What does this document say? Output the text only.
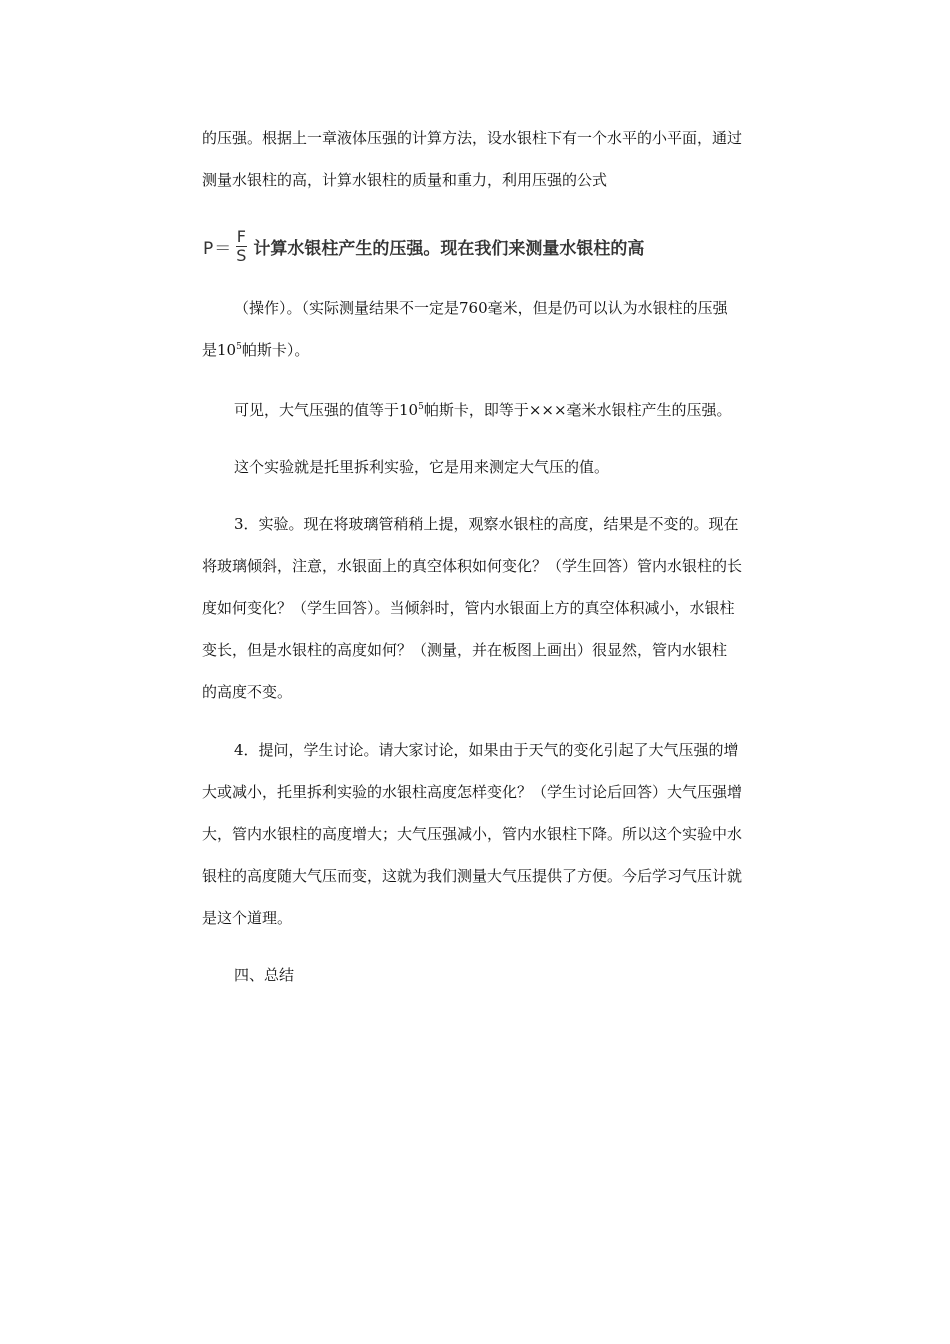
的压强。根据上一章液体压强的计算方法，设水银柱下有一个水平的小平面，通过
测量水银柱的高，计算水银柱的质量和重力，利用压强的公式
$P= \frac{F}{S}$ 计算水银柱产生的压强。现在我们来测量水银柱的高
（操作）。（实际测量结果不一定是760毫米，但是仍可以认为水银柱的压强
是$10^5$帕斯卡）。
可见，大气压强的值等于$10^5$帕斯卡，即等于×××毫米水银柱产生的压强。
这个实验就是托里拆利实验，它是用来测定大气压的值。
3．实验。现在将玻璃管稍稍上提，观察水银柱的高度，结果是不变的。现在
将玻璃倾斜，注意，水银面上的真空体积如何变化？（学生回答）管内水银柱的长
度如何变化？（学生回答）。当倾斜时，管内水银面上方的真空体积减小，水银柱
变长，但是水银柱的高度如何？（测量，并在板图上画出）很显然，管内水银柱
的高度不变。
4．提问，学生讨论。请大家讨论，如果由于天气的变化引起了大气压强的增
大或减小，托里拆利实验的水银柱高度怎样变化？（学生讨论后回答）大气压强增
大，管内水银柱的高度增大；大气压强减小，管内水银柱下降。所以这个实验中水
银柱的高度随大气压而变，这就为我们测量大气压提供了方便。今后学习气压计就
是这个道理。
四、总结
